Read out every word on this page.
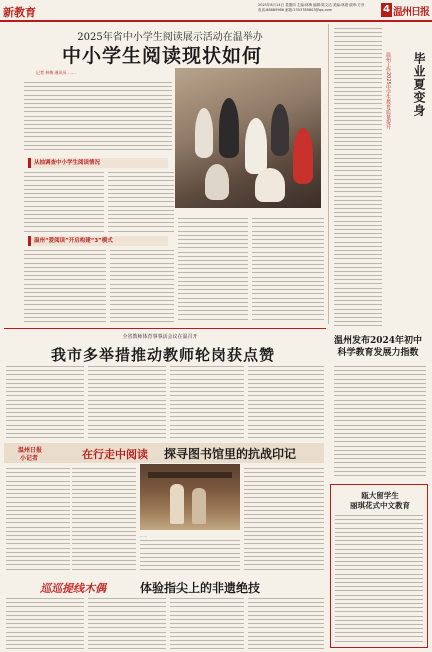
新教育
2025年8月14日 星期四 主编:林梅 编辑:陈文洁 美编:林超 版审:方彦
电话:88889986 邮箱:2353789803@qq.com	4 温州日报
2025年省中小学生阅读展示活动在温举办
中小学生阅读现状如何
记者 林梅 通讯员 ……
从抽调查中小学生阅读情况
温州“爱阅读”开启构建“3”模式
温州工作2025中学生教育质量提升	毕业夏变身
温州发布2024年初中科学教育发展力指数
全省教师体育事事活会议在温召开
我市多举措推动教师轮岗获点赞
温州日报
小记者	在行走中阅读 探寻图书馆里的抗战印记
……
巡巡提线木偶	体验指尖上的非遗绝技
瓯大留学生
丽琪花式中文教育
